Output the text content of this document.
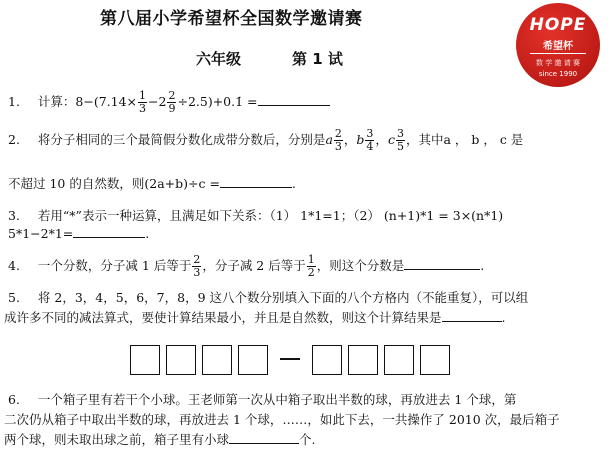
第八届小学希望杯全国数学邀请赛
六年级	第 1 试
HOPE
希望杯
数 学 邀 请 赛
since 1990
1. 计算：$8-(7.14\times \frac{1}{3} -2 \frac{2}{9}$ ÷2.5)+0.1̇ =
2. 将分子相同的三个最简假分数化成带分数后，分别是a $\frac{2}{3}$ ，b $\frac{3}{4}$ ，c $\frac{3}{5}$ ，其中a ， b ， c 是
不超过 10 的自然数，则(2a+b)÷c =	.
3. 若用“*”表示一种运算，且满足如下关系：（1） 1*1=1；（2） (n+1)*1 = 3×(n*1)
5*1−2*1=	.
4. 一个分数，分子减 1 后等于 $\frac{2}{3}$ ，分子减 2 后等于 $\frac{1}{2}$ ，则这个分数是	.
5. 将 2，3，4，5，6，7，8，9 这八个数分别填入下面的八个方格内（不能重复），可以组
成许多不同的减法算式，要使计算结果最小，并且是自然数，则这个计算结果是	.
6. 一个箱子里有若干个小球。王老师第一次从中箱子取出半数的球，再放进去 1 个球，第
二次仍从箱子中取出半数的球，再放进去 1 个球，……，如此下去，一共操作了 2010 次，最后箱子
两个球，则未取出球之前，箱子里有小球	个.
